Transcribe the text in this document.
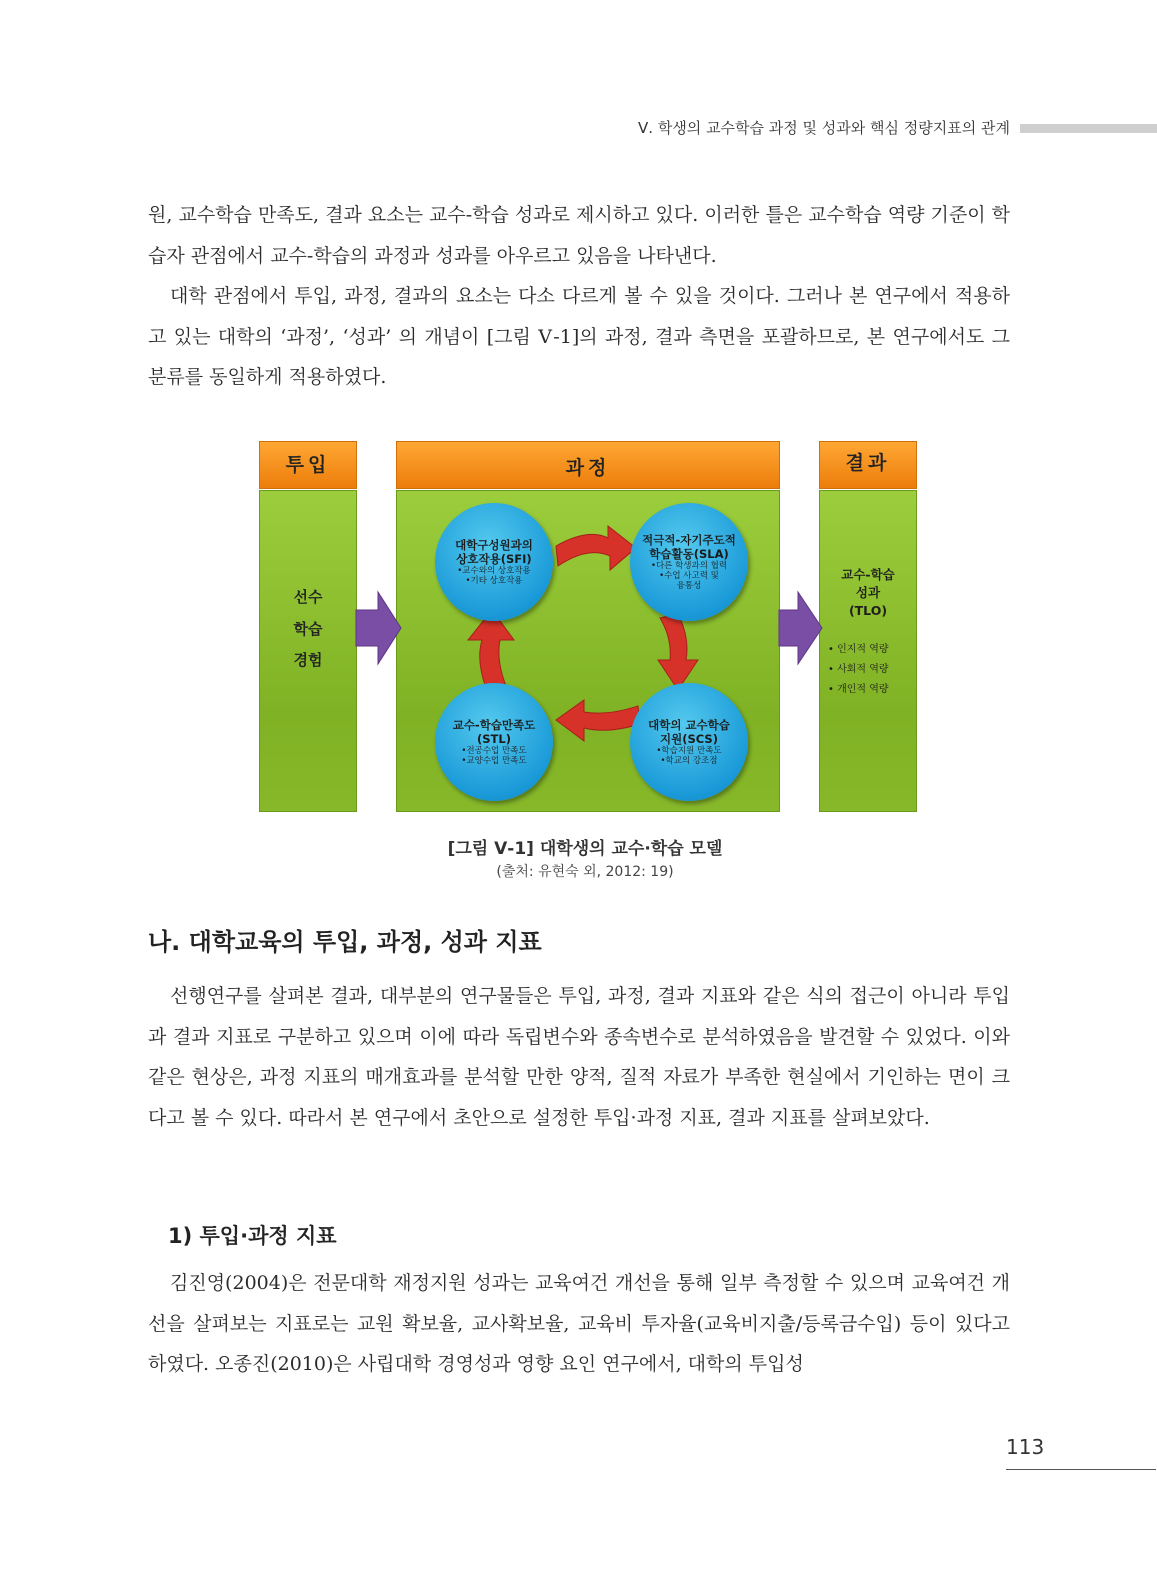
Ⅴ. 학생의 교수학습 과정 및 성과와 핵심 정량지표의 관계

원, 교수학습 만족도, 결과 요소는 교수-학습 성과로 제시하고 있다. 이러한 틀은 교수학습 역량 기준이 학습자 관점에서 교수-학습의 과정과 성과를 아우르고 있음을 나타낸다.

대학 관점에서 투입, 과정, 결과의 요소는 다소 다르게 볼 수 있을 것이다. 그러나 본 연구에서 적용하고 있는 대학의 ‘과정’, ‘성과’ 의 개념이 [그림 Ⅴ-1]의 과정, 결과 측면을 포괄하므로, 본 연구에서도 그 분류를 동일하게 적용하였다.

투입	과정	결과
선수
학습
경험
대학구성원과의
상호작용(SFI)
•교수와의 상호작용
•기타 상호작용
적극적-자기주도적
학습활동(SLA)
•다른 학생과의 협력
•수업 사고력 및
융통성
교수-학습만족도
(STL)
•전공수업 만족도
•교양수업 만족도
대학의 교수학습
지원(SCS)
•학습지원 만족도
•학교의 강조점
교수-학습
성과
(TLO)
• 인지적 역량
• 사회적 역량
• 개인적 역량
[그림 Ⅴ-1] 대학생의 교수·학습 모델
(출처: 유현숙 외, 2012: 19)
나. 대학교육의 투입, 과정, 성과 지표

선행연구를 살펴본 결과, 대부분의 연구물들은 투입, 과정, 결과 지표와 같은 식의 접근이 아니라 투입과 결과 지표로 구분하고 있으며 이에 따라 독립변수와 종속변수로 분석하였음을 발견할 수 있었다. 이와 같은 현상은, 과정 지표의 매개효과를 분석할 만한 양적, 질적 자료가 부족한 현실에서 기인하는 면이 크다고 볼 수 있다. 따라서 본 연구에서 초안으로 설정한 투입·과정 지표, 결과 지표를 살펴보았다.

1) 투입·과정 지표

김진영(2004)은 전문대학 재정지원 성과는 교육여건 개선을 통해 일부 측정할 수 있으며 교육여건 개선을 살펴보는 지표로는 교원 확보율, 교사확보율, 교육비 투자율(교육비지출/등록금수입) 등이 있다고 하였다. 오종진(2010)은 사립대학 경영성과 영향 요인 연구에서, 대학의 투입성

113
